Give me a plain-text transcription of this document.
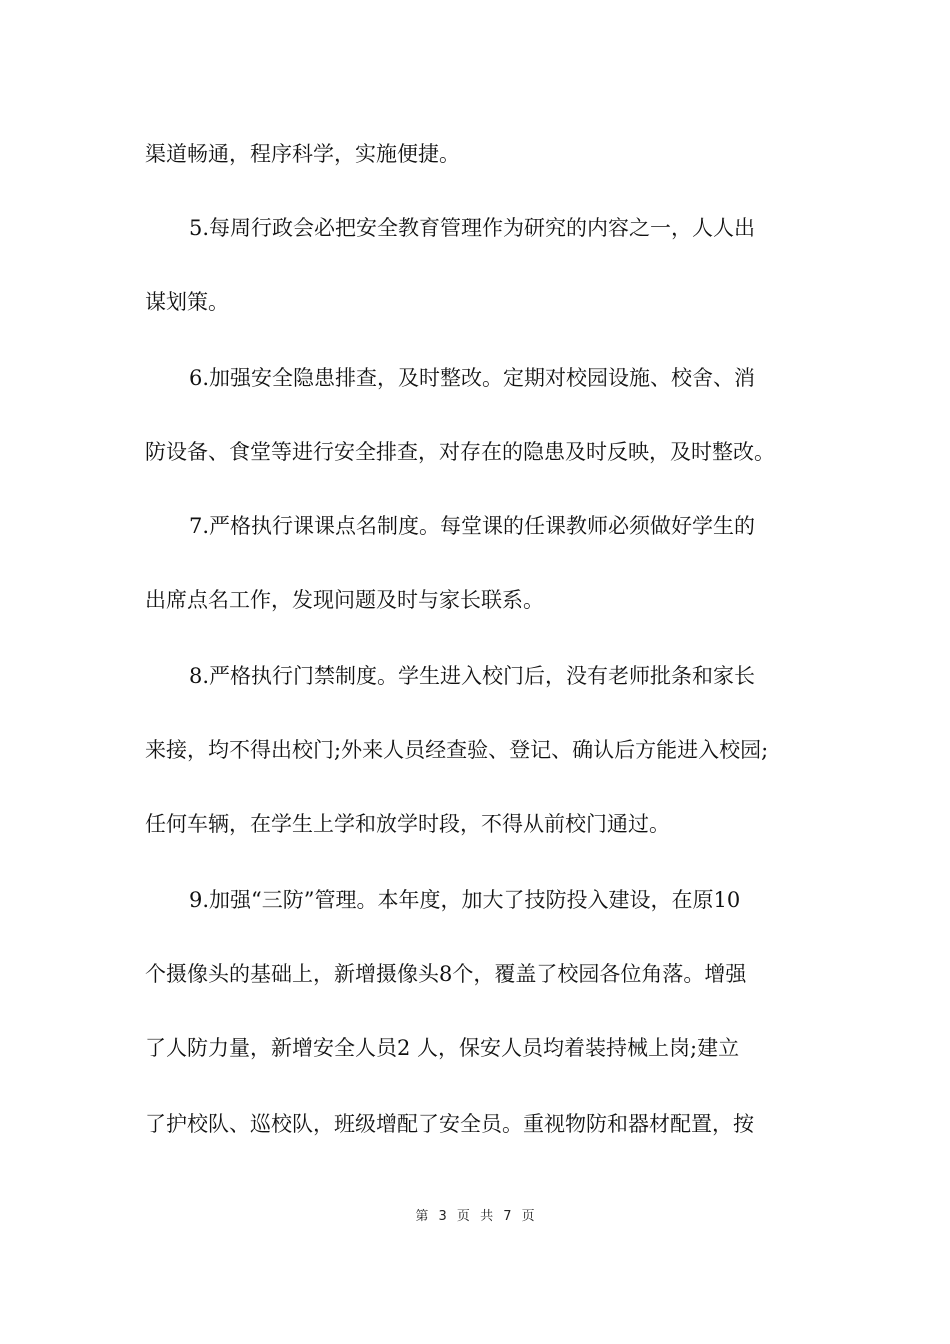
渠道畅通，程序科学，实施便捷。
5.每周行政会必把安全教育管理作为研究的内容之一，人人出
谋划策。
6.加强安全隐患排查，及时整改。定期对校园设施、校舍、消
防设备、食堂等进行安全排查，对存在的隐患及时反映，及时整改。
7.严格执行课课点名制度。每堂课的任课教师必须做好学生的
出席点名工作，发现问题及时与家长联系。
8.严格执行门禁制度。学生进入校门后，没有老师批条和家长
来接，均不得出校门;外来人员经查验、登记、确认后方能进入校园;
任何车辆，在学生上学和放学时段，不得从前校门通过。
9.加强“三防”管理。本年度，加大了技防投入建设，在原10
个摄像头的基础上，新增摄像头8个，覆盖了校园各位角落。增强
了人防力量，新增安全人员2 人，保安人员均着装持械上岗;建立
了护校队、巡校队，班级增配了安全员。重视物防和器材配置，按
第 3 页 共 7 页
